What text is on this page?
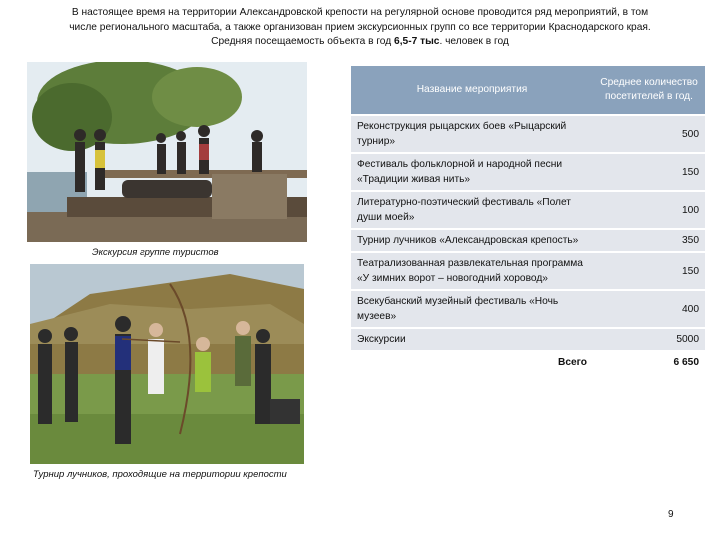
В настоящее время на территории Александровской крепости на регулярной основе проводится ряд мероприятий, в том
числе регионального масштаба, а также организован прием экскурсионных групп со все территории Краснодарского края.
Средняя посещаемость объекта в год 6,5-7 тыс. человек в год
Экскурсия группе туристов
Турнир лучников, проходящие на территории крепости
Название мероприятия	Среднее количество посетителей в год.
Реконструкция рыцарских боев «Рыцарский турнир»	500
Фестиваль фольклорной и народной песни «Традиции живая нить»	150
Литературно-поэтический фестиваль «Полет души моей»	100
Турнир лучников «Александровская крепость»	350
Театрализованная развлекательная программа «У зимних ворот – новогодний хоровод»	150
Всекубанский музейный фестиваль «Ночь музеев»	400
Экскурсии	5000
Всего	6 650
9
